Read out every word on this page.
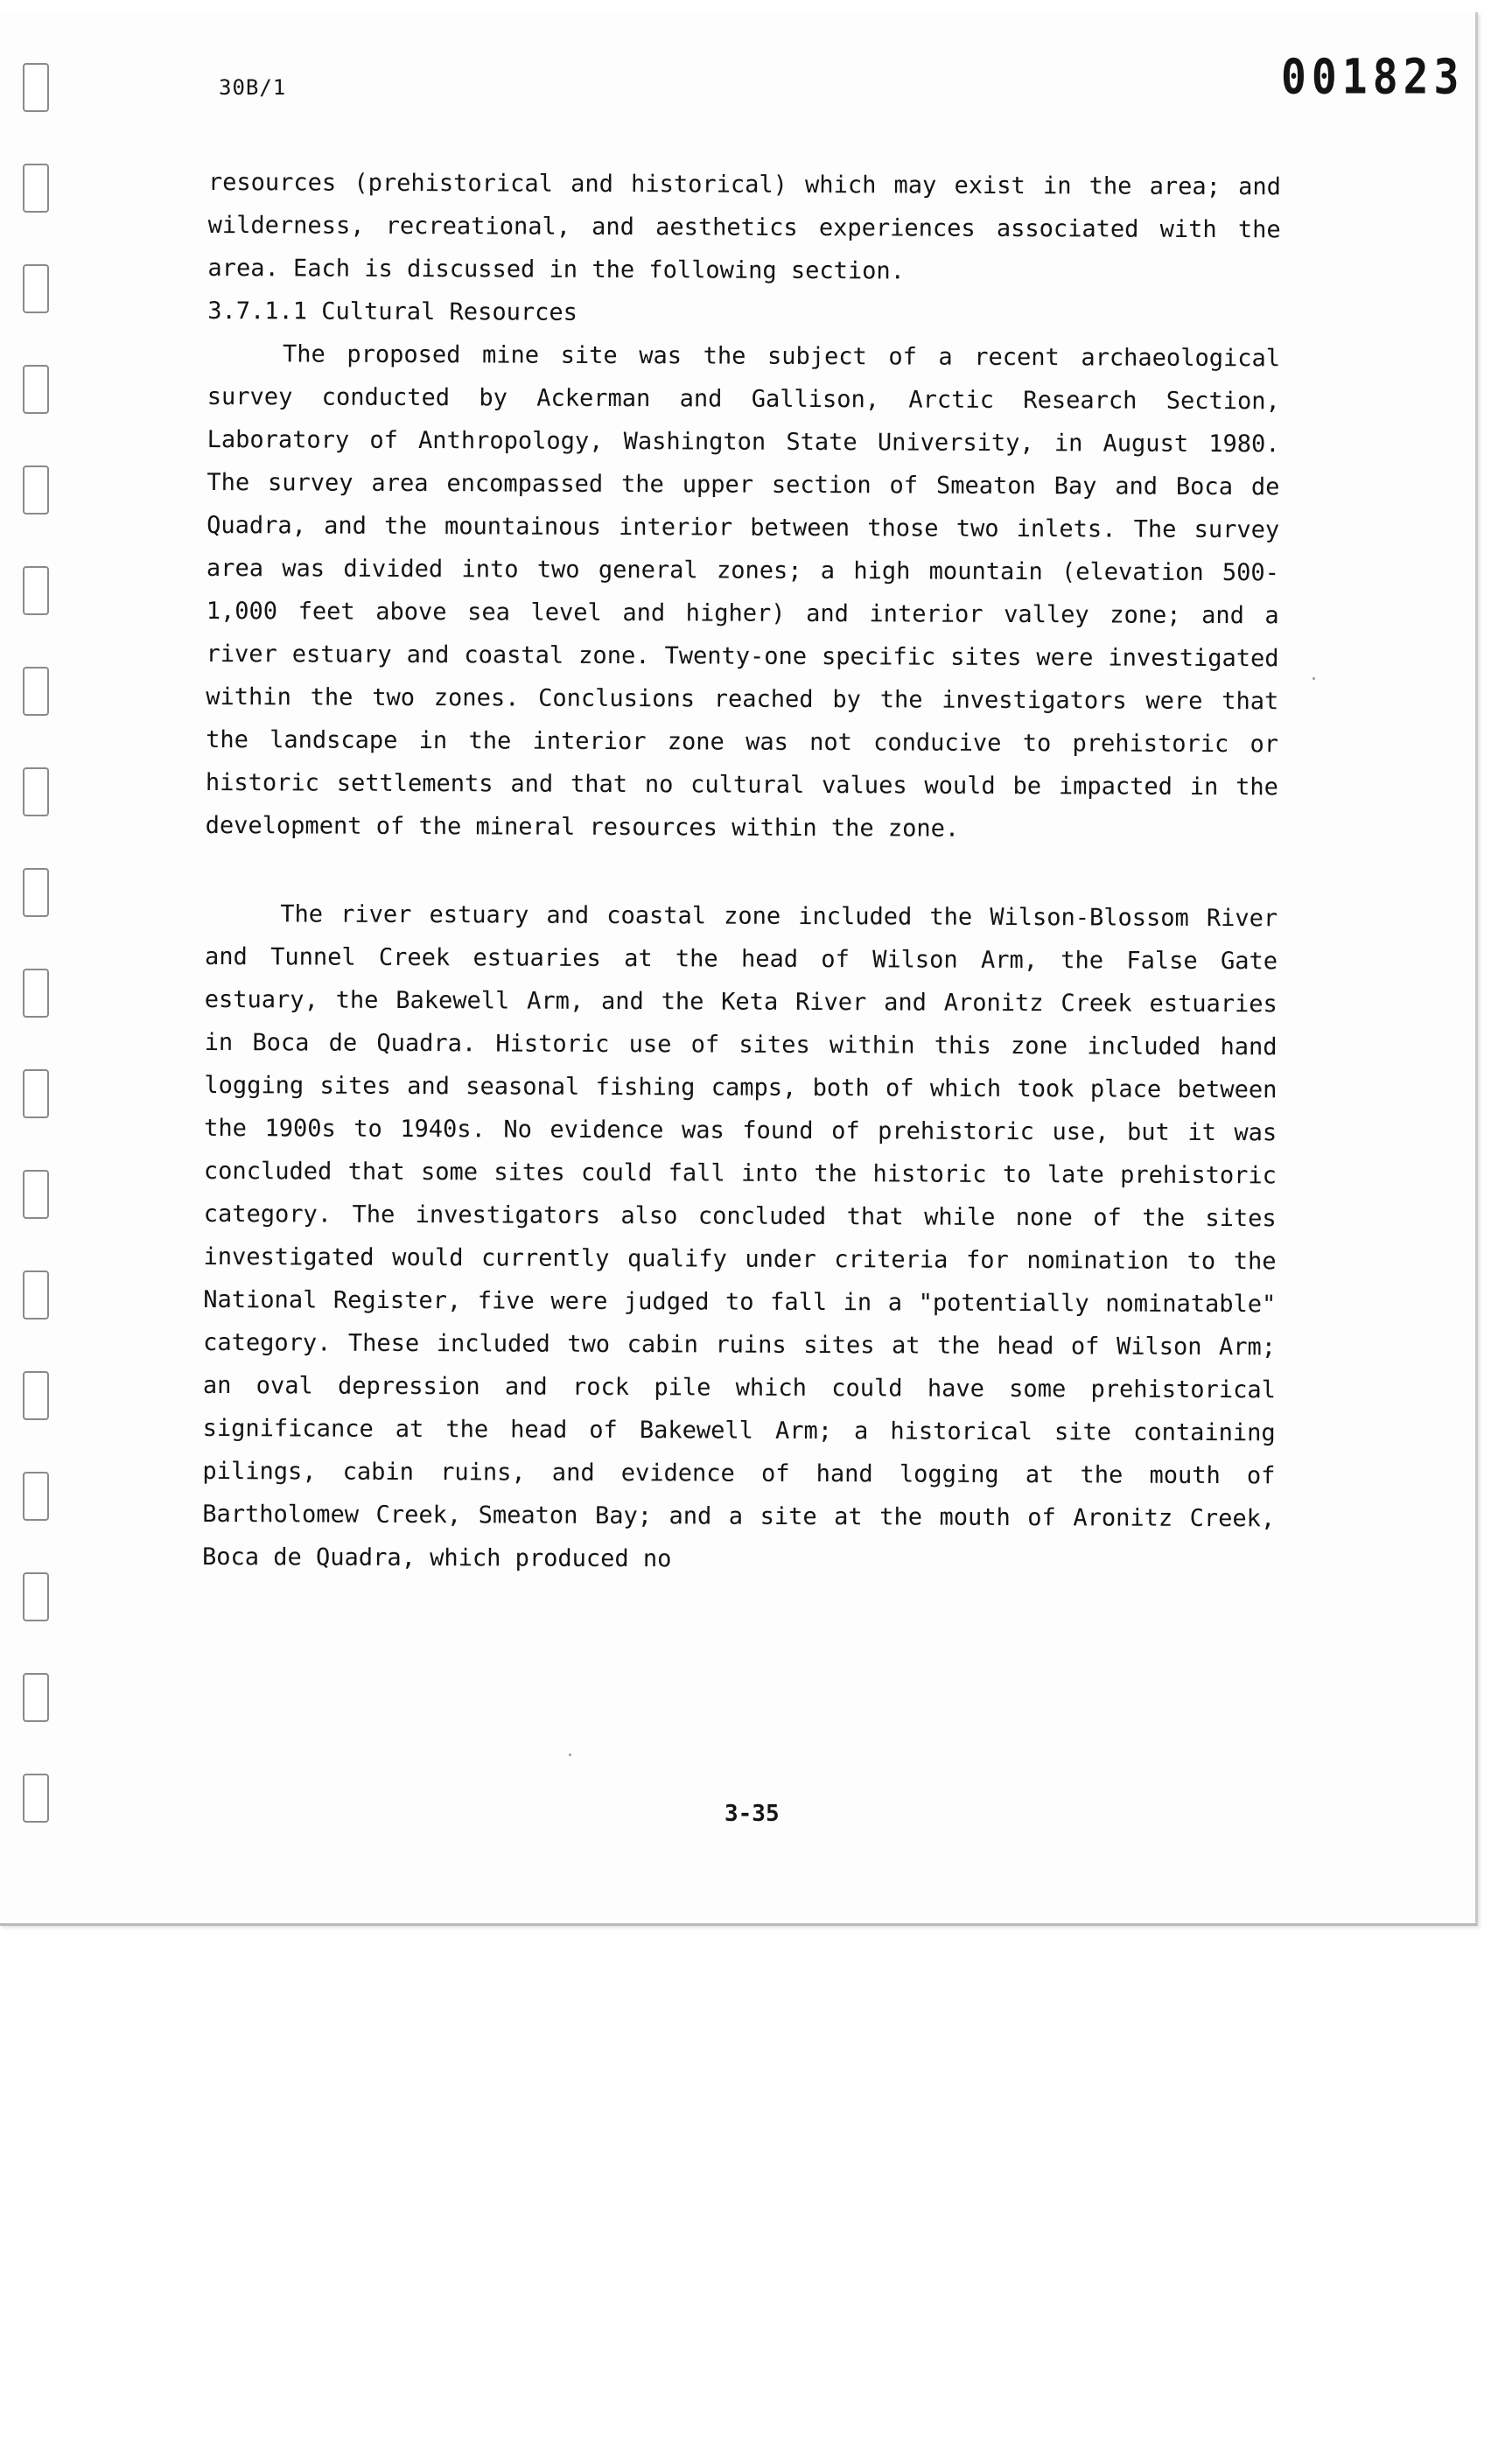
30B/1	001823

resources (prehistorical and historical) which may exist in the area; and wilderness, recreational, and aesthetics experiences associated with the area. Each is discussed in the following section.

3.7.1.1 Cultural Resources

The proposed mine site was the subject of a recent archaeological survey conducted by Ackerman and Gallison, Arctic Research Section, Laboratory of Anthropology, Washington State University, in August 1980. The survey area encompassed the upper section of Smeaton Bay and Boca de Quadra, and the mountainous interior between those two inlets. The survey area was divided into two general zones; a high mountain (elevation 500-1,000 feet above sea level and higher) and interior valley zone; and a river estuary and coastal zone. Twenty-one specific sites were investigated within the two zones. Conclusions reached by the investigators were that the landscape in the interior zone was not conducive to prehistoric or historic settlements and that no cultural values would be impacted in the development of the mineral resources within the zone.

The river estuary and coastal zone included the Wilson-Blossom River and Tunnel Creek estuaries at the head of Wilson Arm, the False Gate estuary, the Bakewell Arm, and the Keta River and Aronitz Creek estuaries in Boca de Quadra. Historic use of sites within this zone included hand logging sites and seasonal fishing camps, both of which took place between the 1900s to 1940s. No evidence was found of prehistoric use, but it was concluded that some sites could fall into the historic to late prehistoric category. The investigators also concluded that while none of the sites investigated would currently qualify under criteria for nomination to the National Register, five were judged to fall in a "potentially nominatable" category. These included two cabin ruins sites at the head of Wilson Arm; an oval depression and rock pile which could have some prehistorical significance at the head of Bakewell Arm; a historical site containing pilings, cabin ruins, and evidence of hand logging at the mouth of Bartholomew Creek, Smeaton Bay; and a site at the mouth of Aronitz Creek, Boca de Quadra, which produced no

3-35
